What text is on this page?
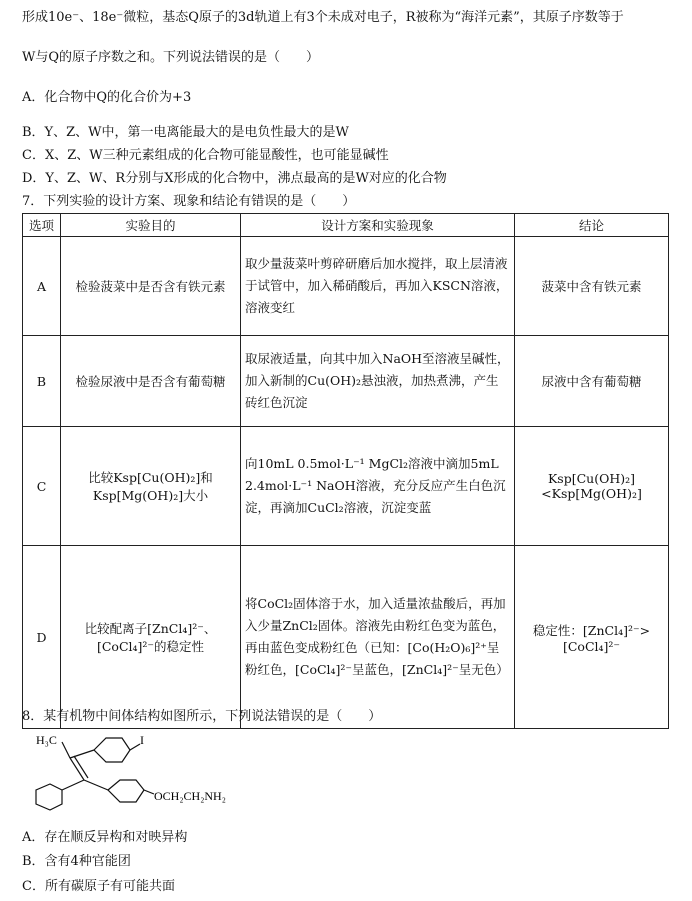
形成10e⁻、18e⁻微粒，基态Q原子的3d轨道上有3个未成对电子，R被称为“海洋元素”，其原子序数等于
W与Q的原子序数之和。下列说法错误的是（　　）
A．化合物中Q的化合价为+3
B．Y、Z、W中，第一电离能最大的是电负性最大的是W
C．X、Z、W三种元素组成的化合物可能显酸性，也可能显碱性
D．Y、Z、W、R分别与X形成的化合物中，沸点最高的是W对应的化合物
7．下列实验的设计方案、现象和结论有错误的是（　　）
选项	实验目的	设计方案和实验现象	结论
A	检验菠菜中是否含有铁元素	取少量菠菜叶剪碎研磨后加水搅拌，取上层清液于试管中，加入稀硝酸后，再加入KSCN溶液，溶液变红	菠菜中含有铁元素
B	检验尿液中是否含有葡萄糖	取尿液适量，向其中加入NaOH至溶液呈碱性，加入新制的Cu(OH)₂悬浊液，加热煮沸，产生砖红色沉淀	尿液中含有葡萄糖
C	比较Ksp[Cu(OH)₂]和Ksp[Mg(OH)₂]大小	向10mL 0.5mol·L⁻¹ MgCl₂溶液中滴加5mL 2.4mol·L⁻¹ NaOH溶液，充分反应产生白色沉淀，再滴加CuCl₂溶液，沉淀变蓝	Ksp[Cu(OH)₂]<Ksp[Mg(OH)₂]
D	比较配离子[ZnCl₄]²⁻、[CoCl₄]²⁻的稳定性	将CoCl₂固体溶于水，加入适量浓盐酸后，再加入少量ZnCl₂固体。溶液先由粉红色变为蓝色，再由蓝色变成粉红色（已知：[Co(H₂O)₆]²⁺呈粉红色，[CoCl₄]²⁻呈蓝色，[ZnCl₄]²⁻呈无色）	稳定性：[ZnCl₄]²⁻>[CoCl₄]²⁻
8．某有机物中间体结构如图所示，下列说法错误的是（　　）
H₃C	I
OCH₂CH₂NH₂
A．存在顺反异构和对映异构
B．含有4种官能团
C．所有碳原子有可能共面
